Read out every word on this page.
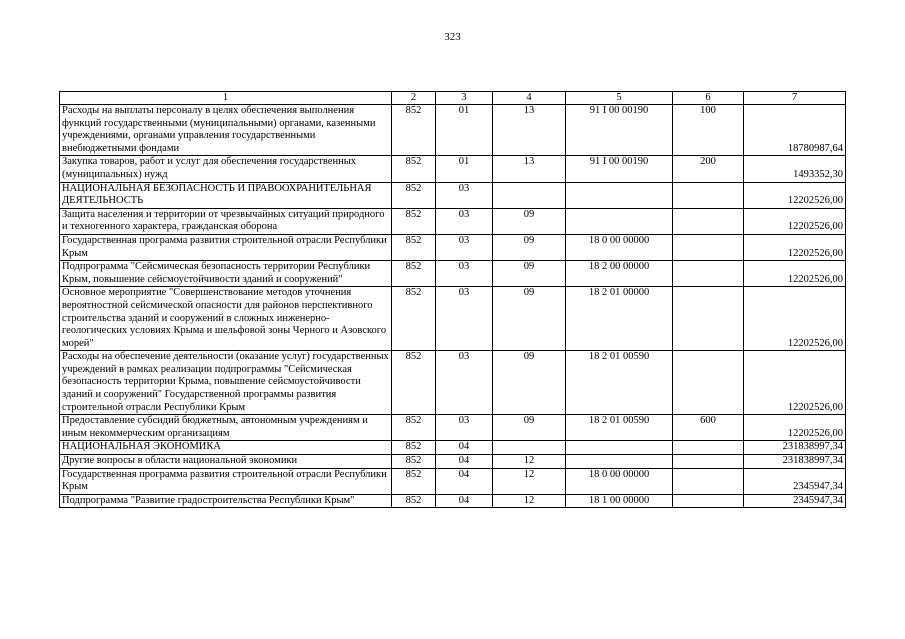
323
1	2	3	4	5	6	7
Расходы на выплаты персоналу в целях обеспечения выполнения функций государственными (муниципальными) органами, казенными учреждениями, органами управления государственными внебюджетными фондами	852	01	13	91 I 00 00190	100	18780987,64
Закупка товаров, работ и услуг для обеспечения государственных (муниципальных) нужд	852	01	13	91 I 00 00190	200	1493352,30
НАЦИОНАЛЬНАЯ БЕЗОПАСНОСТЬ И ПРАВООХРАНИТЕЛЬНАЯ ДЕЯТЕЛЬНОСТЬ	852	03				12202526,00
Защита населения и территории от чрезвычайных ситуаций природного и техногенного характера, гражданская оборона	852	03	09			12202526,00
Государственная программа развития строительной отрасли Республики Крым	852	03	09	18 0 00 00000		12202526,00
Подпрограмма "Сейсмическая безопасность территории Республики Крым, повышение сейсмоустойчивости зданий и сооружений"	852	03	09	18 2 00 00000		12202526,00
Основное мероприятие "Совершенствование методов уточнения вероятностной сейсмической опасности для районов перспективного строительства зданий и сооружений в сложных инженерно-геологических условиях Крыма и шельфовой зоны Черного и Азовского морей"	852	03	09	18 2 01 00000		12202526,00
Расходы на обеспечение деятельности (оказание услуг) государственных учреждений в рамках реализации подпрограммы "Сейсмическая безопасность территории Крыма, повышение сейсмоустойчивости зданий и сооружений" Государственной программы развития строительной отрасли Республики Крым	852	03	09	18 2 01 00590		12202526,00
Предоставление субсидий бюджетным, автономным учреждениям и иным некоммерческим организациям	852	03	09	18 2 01 00590	600	12202526,00
НАЦИОНАЛЬНАЯ ЭКОНОМИКА	852	04				231838997,34
Другие вопросы в области национальной экономики	852	04	12			231838997,34
Государственная программа развития строительной отрасли Республики Крым	852	04	12	18 0 00 00000		2345947,34
Подпрограмма "Развитие градостроительства Республики Крым"	852	04	12	18 1 00 00000		2345947,34
